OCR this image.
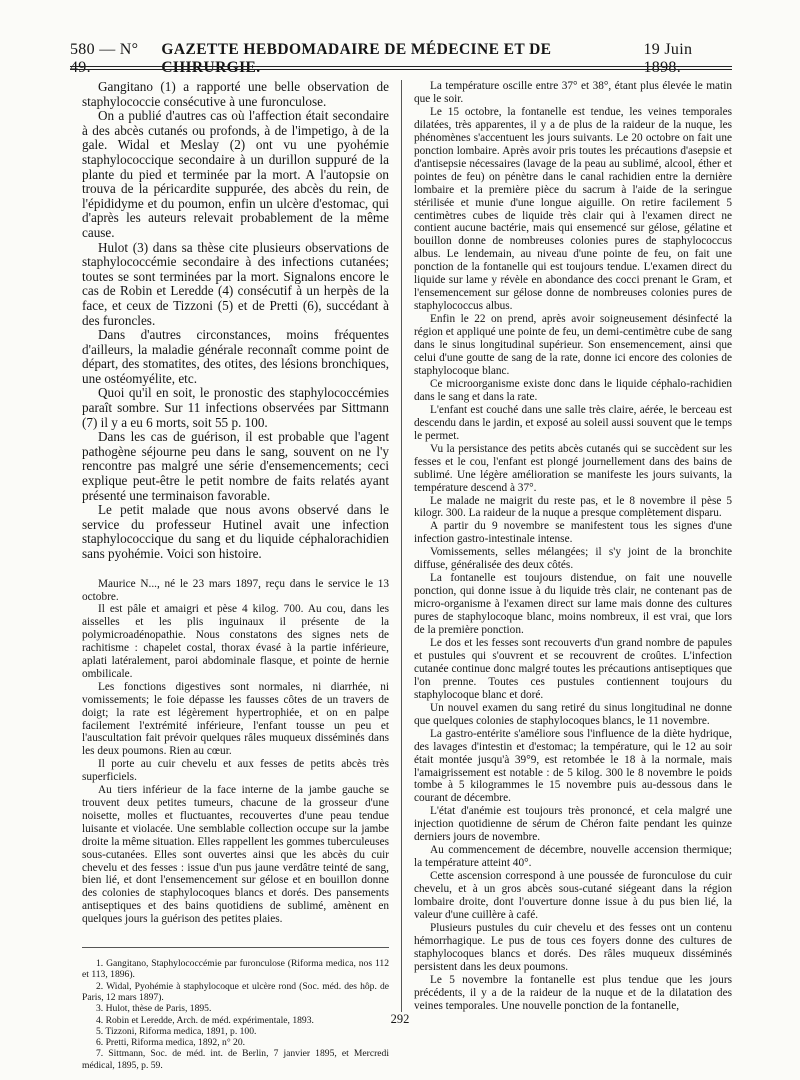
580 — N° 49.
GAZETTE HEBDOMADAIRE DE MÉDECINE ET DE CHIRURGIE.
19 Juin 1898.

Gangitano (1) a rapporté une belle observation de staphylococcie consécutive à une furonculose.

On a publié d'autres cas où l'affection était secondaire à des abcès cutanés ou profonds, à de l'impetigo, à de la gale. Widal et Meslay (2) ont vu une pyohémie staphylococcique secondaire à un durillon suppuré de la plante du pied et terminée par la mort. A l'autopsie on trouva de la péricardite suppurée, des abcès du rein, de l'épididyme et du poumon, enfin un ulcère d'estomac, qui d'après les auteurs relevait probablement de la même cause.

Hulot (3) dans sa thèse cite plusieurs observations de staphylococcémie secondaire à des infections cutanées; toutes se sont terminées par la mort. Signalons encore le cas de Robin et Leredde (4) consécutif à un herpès de la face, et ceux de Tizzoni (5) et de Pretti (6), succédant à des furoncles.

Dans d'autres circonstances, moins fréquentes d'ailleurs, la maladie générale reconnaît comme point de départ, des stomatites, des otites, des lésions bronchiques, une ostéomyélite, etc.

Quoi qu'il en soit, le pronostic des staphylococcémies paraît sombre. Sur 11 infections observées par Sittmann (7) il y a eu 6 morts, soit 55 p. 100.

Dans les cas de guérison, il est probable que l'agent pathogène séjourne peu dans le sang, souvent on ne l'y rencontre pas malgré une série d'ensemencements; ceci explique peut-être le petit nombre de faits relatés ayant présenté une terminaison favorable.

Le petit malade que nous avons observé dans le service du professeur Hutinel avait une infection staphylococcique du sang et du liquide céphalorachidien sans pyohémie. Voici son histoire.

Maurice N..., né le 23 mars 1897, reçu dans le service le 13 octobre.

Il est pâle et amaigri et pèse 4 kilog. 700. Au cou, dans les aisselles et les plis inguinaux il présente de la polymicroadénopathie. Nous constatons des signes nets de rachitisme : chapelet costal, thorax évasé à la partie inférieure, aplati latéralement, paroi abdominale flasque, et pointe de hernie ombilicale.

Les fonctions digestives sont normales, ni diarrhée, ni vomissements; le foie dépasse les fausses côtes de un travers de doigt; la rate est légèrement hypertrophiée, et on en palpe facilement l'extrémité inférieure, l'enfant tousse un peu et l'auscultation fait prévoir quelques râles muqueux disséminés dans les deux poumons. Rien au cœur.

Il porte au cuir chevelu et aux fesses de petits abcès très superficiels.

Au tiers inférieur de la face interne de la jambe gauche se trouvent deux petites tumeurs, chacune de la grosseur d'une noisette, molles et fluctuantes, recouvertes d'une peau tendue luisante et violacée. Une semblable collection occupe sur la jambe droite la même situation. Elles rappellent les gommes tuberculeuses sous-cutanées. Elles sont ouvertes ainsi que les abcès du cuir chevelu et des fesses : issue d'un pus jaune verdâtre teinté de sang, bien lié, et dont l'ensemencement sur gélose et en bouillon donne des colonies de staphylocoques blancs et dorés. Des pansements antiseptiques et des bains quotidiens de sublimé, amènent en quelques jours la guérison des petites plaies.

1. Gangitano, Staphylococcémie par furonculose (Riforma medica, nos 112 et 113, 1896).

2. Widal, Pyohémie à staphylocoque et ulcère rond (Soc. méd. des hôp. de Paris, 12 mars 1897).

3. Hulot, thèse de Paris, 1895.

4. Robin et Leredde, Arch. de méd. expérimentale, 1893.

5. Tizzoni, Riforma medica, 1891, p. 100.

6. Pretti, Riforma medica, 1892, n° 20.

7. Sittmann, Soc. de méd. int. de Berlin, 7 janvier 1895, et Mercredi médical, 1895, p. 59.

La température oscille entre 37° et 38°, étant plus élevée le matin que le soir.

Le 15 octobre, la fontanelle est tendue, les veines temporales dilatées, très apparentes, il y a de plus de la raideur de la nuque, les phénomènes s'accentuent les jours suivants. Le 20 octobre on fait une ponction lombaire. Après avoir pris toutes les précautions d'asepsie et d'antisepsie nécessaires (lavage de la peau au sublimé, alcool, éther et pointes de feu) on pénètre dans le canal rachidien entre la dernière lombaire et la première pièce du sacrum à l'aide de la seringue stérilisée et munie d'une longue aiguille. On retire facilement 5 centimètres cubes de liquide très clair qui à l'examen direct ne contient aucune bactérie, mais qui ensemencé sur gélose, gélatine et bouillon donne de nombreuses colonies pures de staphylococcus albus. Le lendemain, au niveau d'une pointe de feu, on fait une ponction de la fontanelle qui est toujours tendue. L'examen direct du liquide sur lame y révèle en abondance des cocci prenant le Gram, et l'ensemencement sur gélose donne de nombreuses colonies pures de staphylococcus albus.

Enfin le 22 on prend, après avoir soigneusement désinfecté la région et appliqué une pointe de feu, un demi-centimètre cube de sang dans le sinus longitudinal supérieur. Son ensemencement, ainsi que celui d'une goutte de sang de la rate, donne ici encore des colonies de staphylocoque blanc.

Ce microorganisme existe donc dans le liquide céphalo-rachidien dans le sang et dans la rate.

L'enfant est couché dans une salle très claire, aérée, le berceau est descendu dans le jardin, et exposé au soleil aussi souvent que le temps le permet.

Vu la persistance des petits abcès cutanés qui se succèdent sur les fesses et le cou, l'enfant est plongé journellement dans des bains de sublimé. Une légère amélioration se manifeste les jours suivants, la température descend à 37°.

Le malade ne maigrit du reste pas, et le 8 novembre il pèse 5 kilogr. 300. La raideur de la nuque a presque complètement disparu.

A partir du 9 novembre se manifestent tous les signes d'une infection gastro-intestinale intense.

Vomissements, selles mélangées; il s'y joint de la bronchite diffuse, généralisée des deux côtés.

La fontanelle est toujours distendue, on fait une nouvelle ponction, qui donne issue à du liquide très clair, ne contenant pas de micro-organisme à l'examen direct sur lame mais donne des cultures pures de staphylocoque blanc, moins nombreux, il est vrai, que lors de la première ponction.

Le dos et les fesses sont recouverts d'un grand nombre de papules et pustules qui s'ouvrent et se recouvrent de croûtes. L'infection cutanée continue donc malgré toutes les précautions antiseptiques que l'on prenne. Toutes ces pustules contiennent toujours du staphylocoque blanc et doré.

Un nouvel examen du sang retiré du sinus longitudinal ne donne que quelques colonies de staphylocoques blancs, le 11 novembre.

La gastro-entérite s'améliore sous l'influence de la diète hydrique, des lavages d'intestin et d'estomac; la température, qui le 12 au soir était montée jusqu'à 39°9, est retombée le 18 à la normale, mais l'amaigrissement est notable : de 5 kilog. 300 le 8 novembre le poids tombe à 5 kilogrammes le 15 novembre puis au-dessous dans le courant de décembre.

L'état d'anémie est toujours très prononcé, et cela malgré une injection quotidienne de sérum de Chéron faite pendant les quinze derniers jours de novembre.

Au commencement de décembre, nouvelle accension thermique; la température atteint 40°.

Cette ascension correspond à une poussée de furonculose du cuir chevelu, et à un gros abcès sous-cutané siégeant dans la région lombaire droite, dont l'ouverture donne issue à du pus bien lié, la valeur d'une cuillère à café.

Plusieurs pustules du cuir chevelu et des fesses ont un contenu hémorrhagique. Le pus de tous ces foyers donne des cultures de staphylocoques blancs et dorés. Des râles muqueux disséminés persistent dans les deux poumons.

Le 5 novembre la fontanelle est plus tendue que les jours précédents, il y a de la raideur de la nuque et de la dilatation des veines temporales. Une nouvelle ponction de la fontanelle,

292
